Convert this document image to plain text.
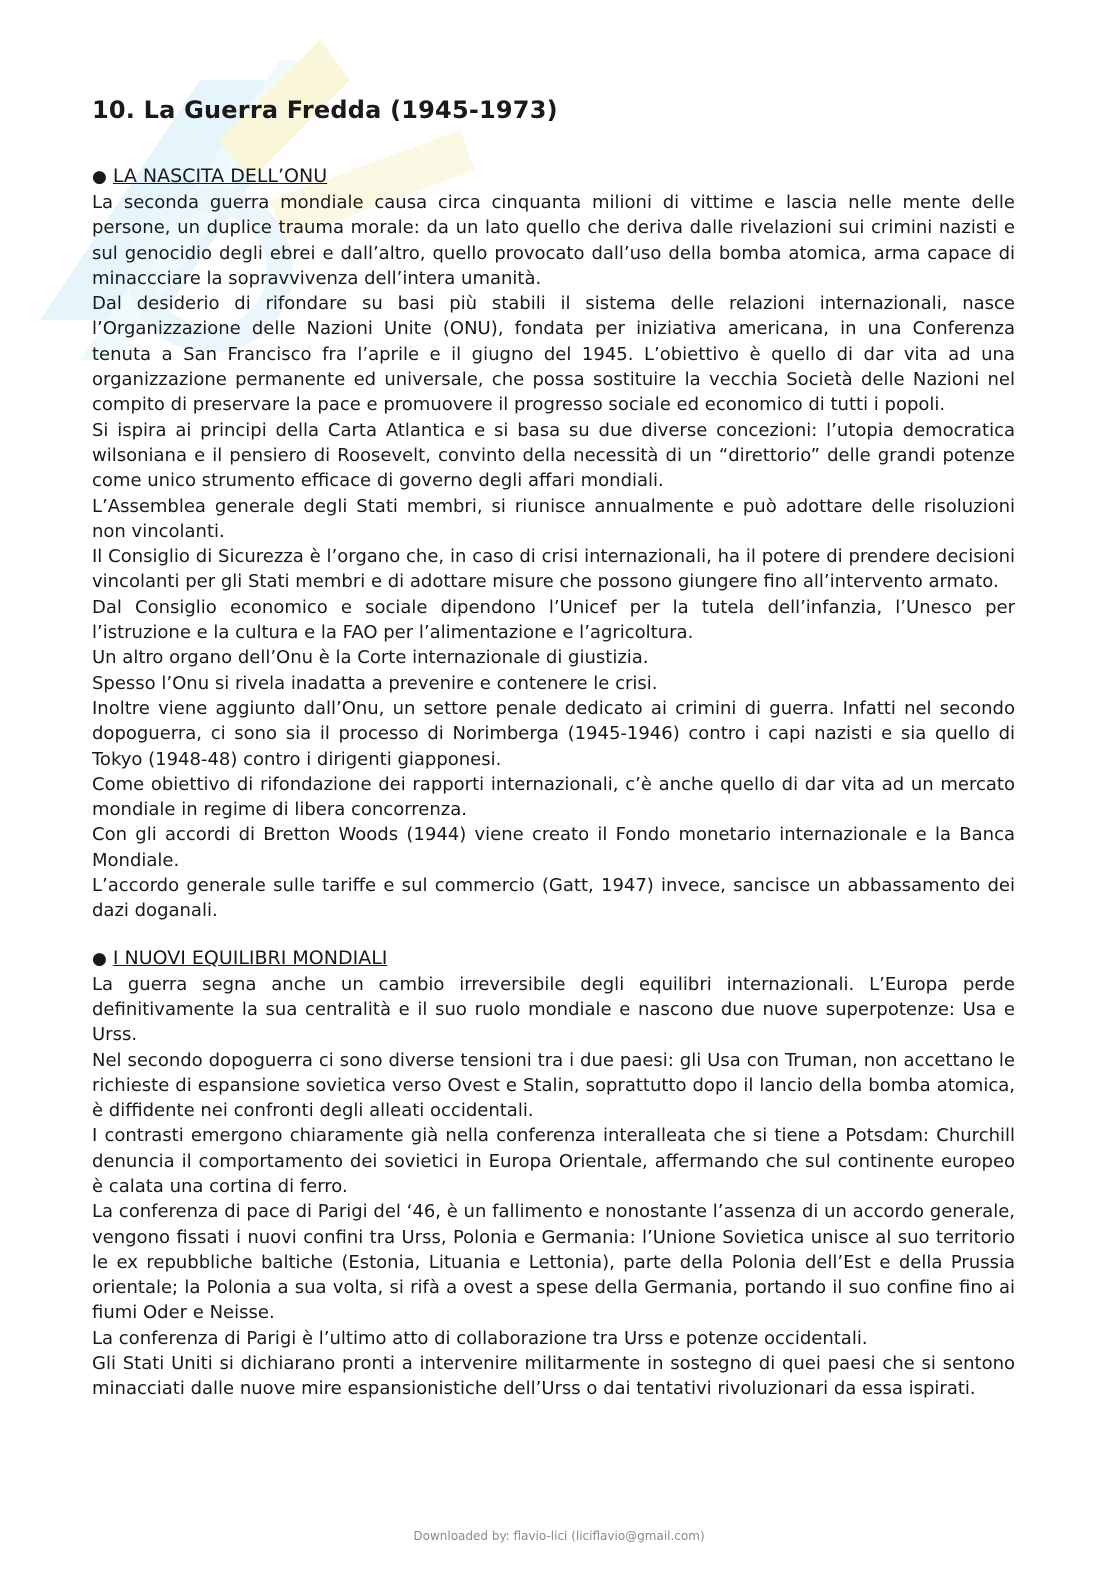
10. La Guerra Fredda (1945-1973)
● LA NASCITA DELL’ONU

La seconda guerra mondiale causa circa cinquanta milioni di vittime e lascia nelle mente delle persone, un duplice trauma morale: da un lato quello che deriva dalle rivelazioni sui crimini nazisti e sul genocidio degli ebrei e dall’altro, quello provocato dall’uso della bomba atomica, arma capace di minaccciare la sopravvivenza dell’intera umanità.

Dal desiderio di rifondare su basi più stabili il sistema delle relazioni internazionali, nasce l’Organizzazione delle Nazioni Unite (ONU), fondata per iniziativa americana, in una Conferenza tenuta a San Francisco fra l’aprile e il giugno del 1945. L’obiettivo è quello di dar vita ad una organizzazione permanente ed universale, che possa sostituire la vecchia Società delle Nazioni nel compito di preservare la pace e promuovere il progresso sociale ed economico di tutti i popoli.

Si ispira ai principi della Carta Atlantica e si basa su due diverse concezioni: l’utopia democratica wilsoniana e il pensiero di Roosevelt, convinto della necessità di un “direttorio” delle grandi potenze come unico strumento efficace di governo degli affari mondiali.

L’Assemblea generale degli Stati membri, si riunisce annualmente e può adottare delle risoluzioni non vincolanti.

Il Consiglio di Sicurezza è l’organo che, in caso di crisi internazionali, ha il potere di prendere decisioni vincolanti per gli Stati membri e di adottare misure che possono giungere fino all’intervento armato.

Dal Consiglio economico e sociale dipendono l’Unicef per la tutela dell’infanzia, l’Unesco per l’istruzione e la cultura e la FAO per l’alimentazione e l’agricoltura.

Un altro organo dell’Onu è la Corte internazionale di giustizia.

Spesso l’Onu si rivela inadatta a prevenire e contenere le crisi.

Inoltre viene aggiunto dall’Onu, un settore penale dedicato ai crimini di guerra. Infatti nel secondo dopoguerra, ci sono sia il processo di Norimberga (1945-1946) contro i capi nazisti e sia quello di Tokyo (1948-48) contro i dirigenti giapponesi.

Come obiettivo di rifondazione dei rapporti internazionali, c’è anche quello di dar vita ad un mercato mondiale in regime di libera concorrenza.

Con gli accordi di Bretton Woods (1944) viene creato il Fondo monetario internazionale e la Banca Mondiale.

L’accordo generale sulle tariffe e sul commercio (Gatt, 1947) invece, sancisce un abbassamento dei dazi doganali.

● I NUOVI EQUILIBRI MONDIALI

La guerra segna anche un cambio irreversibile degli equilibri internazionali. L’Europa perde definitivamente la sua centralità e il suo ruolo mondiale e nascono due nuove superpotenze: Usa e Urss.

Nel secondo dopoguerra ci sono diverse tensioni tra i due paesi: gli Usa con Truman, non accettano le richieste di espansione sovietica verso Ovest e Stalin, soprattutto dopo il lancio della bomba atomica, è diffidente nei confronti degli alleati occidentali.

I contrasti emergono chiaramente già nella conferenza interalleata che si tiene a Potsdam: Churchill denuncia il comportamento dei sovietici in Europa Orientale, affermando che sul continente europeo è calata una cortina di ferro.

La conferenza di pace di Parigi del ‘46, è un fallimento e nonostante l’assenza di un accordo generale, vengono fissati i nuovi confini tra Urss, Polonia e Germania: l’Unione Sovietica unisce al suo territorio le ex repubbliche baltiche (Estonia, Lituania e Lettonia), parte della Polonia dell’Est e della Prussia orientale; la Polonia a sua volta, si rifà a ovest a spese della Germania, portando il suo confine fino ai fiumi Oder e Neisse.

La conferenza di Parigi è l’ultimo atto di collaborazione tra Urss e potenze occidentali.

Gli Stati Uniti si dichiarano pronti a intervenire militarmente in sostegno di quei paesi che si sentono minacciati dalle nuove mire espansionistiche dell’Urss o dai tentativi rivoluzionari da essa ispirati.

Downloaded by: flavio-lici (liciflavio@gmail.com)
